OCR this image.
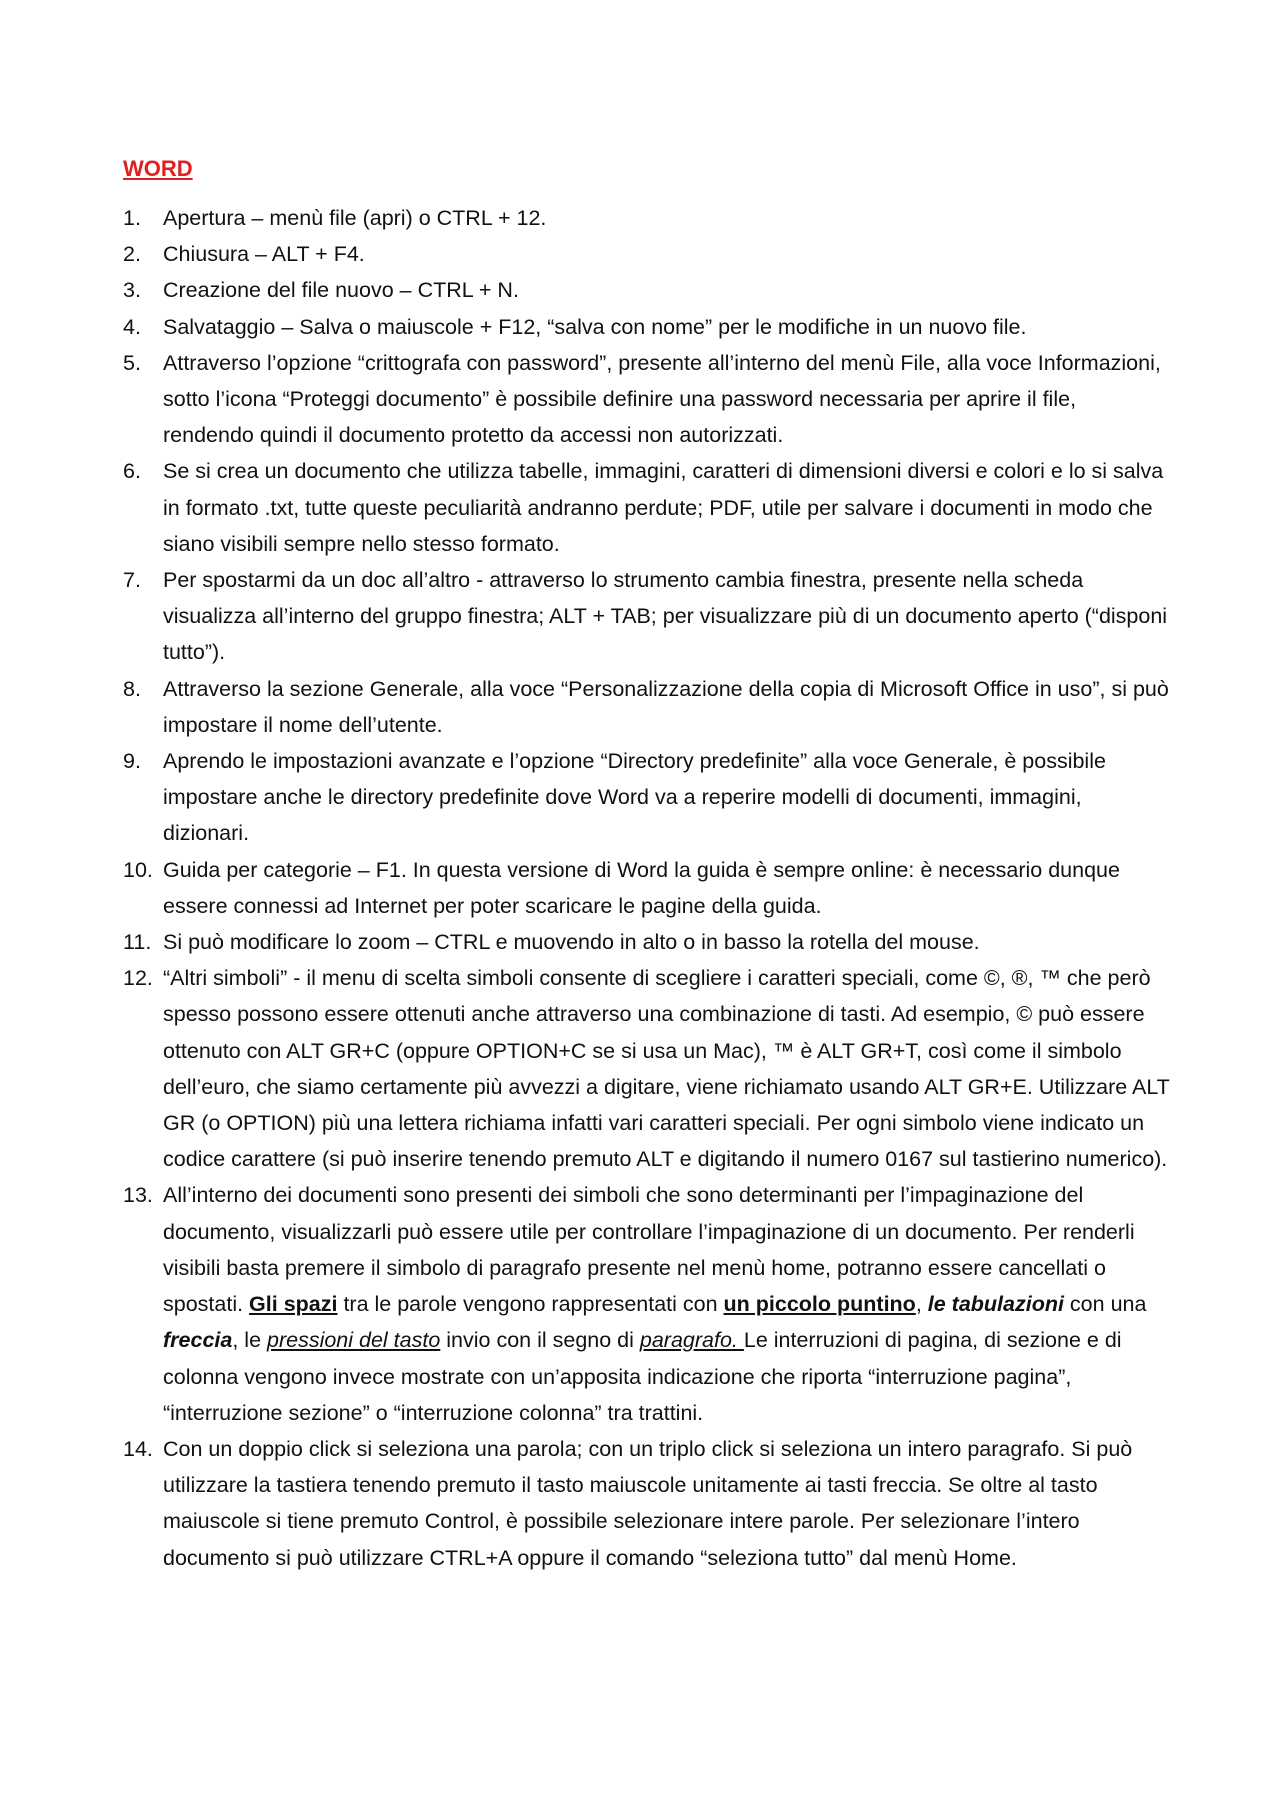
WORD
1. Apertura – menù file (apri) o CTRL + 12.
2. Chiusura – ALT + F4.
3. Creazione del file nuovo – CTRL + N.
4. Salvataggio – Salva o maiuscole + F12, “salva con nome” per le modifiche in un nuovo file.
5. Attraverso l’opzione “crittografa con password”, presente all’interno del menù File, alla voce Informazioni, sotto l’icona “Proteggi documento” è possibile definire una password necessaria per aprire il file, rendendo quindi il documento protetto da accessi non autorizzati.
6. Se si crea un documento che utilizza tabelle, immagini, caratteri di dimensioni diversi e colori e lo si salva in formato .txt, tutte queste peculiarità andranno perdute; PDF, utile per salvare i documenti in modo che siano visibili sempre nello stesso formato.
7. Per spostarmi da un doc all’altro - attraverso lo strumento cambia finestra, presente nella scheda visualizza all’interno del gruppo finestra; ALT + TAB; per visualizzare più di un documento aperto (“disponi tutto”).
8. Attraverso la sezione Generale, alla voce “Personalizzazione della copia di Microsoft Office in uso”, si può impostare il nome dell’utente.
9. Aprendo le impostazioni avanzate e l’opzione “Directory predefinite” alla voce Generale, è possibile impostare anche le directory predefinite dove Word va a reperire modelli di documenti, immagini, dizionari.
10. Guida per categorie – F1. In questa versione di Word la guida è sempre online: è necessario dunque essere connessi ad Internet per poter scaricare le pagine della guida.
11. Si può modificare lo zoom – CTRL e muovendo in alto o in basso la rotella del mouse.
12. “Altri simboli” - il menu di scelta simboli consente di scegliere i caratteri speciali, come ©, ®, ™ che però spesso possono essere ottenuti anche attraverso una combinazione di tasti. Ad esempio, © può essere ottenuto con ALT GR+C (oppure OPTION+C se si usa un Mac), ™ è ALT GR+T, così come il simbolo dell’euro, che siamo certamente più avvezzi a digitare, viene richiamato usando ALT GR+E. Utilizzare ALT GR (o OPTION) più una lettera richiama infatti vari caratteri speciali. Per ogni simbolo viene indicato un codice carattere (si può inserire tenendo premuto ALT e digitando il numero 0167 sul tastierino numerico).
13. All’interno dei documenti sono presenti dei simboli che sono determinanti per l’impaginazione del documento, visualizzarli può essere utile per controllare l’impaginazione di un documento. Per renderli visibili basta premere il simbolo di paragrafo presente nel menù home, potranno essere cancellati o spostati. Gli spazi tra le parole vengono rappresentati con un piccolo puntino, le tabulazioni con una freccia, le pressioni del tasto invio con il segno di paragrafo. Le interruzioni di pagina, di sezione e di colonna vengono invece mostrate con un’apposita indicazione che riporta “interruzione pagina”, “interruzione sezione” o “interruzione colonna” tra trattini.
14. Con un doppio click si seleziona una parola; con un triplo click si seleziona un intero paragrafo. Si può utilizzare la tastiera tenendo premuto il tasto maiuscole unitamente ai tasti freccia. Se oltre al tasto maiuscole si tiene premuto Control, è possibile selezionare intere parole. Per selezionare l’intero documento si può utilizzare CTRL+A oppure il comando “seleziona tutto” dal menù Home.
